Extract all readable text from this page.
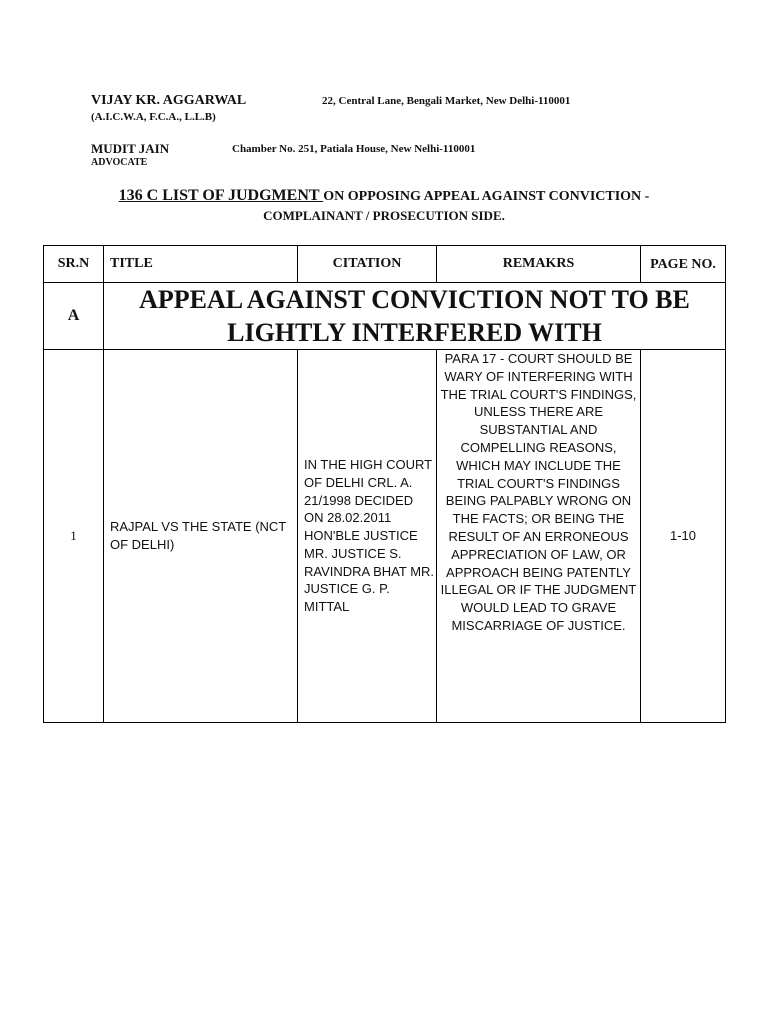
VIJAY KR. AGGARWAL
(A.I.C.W.A, F.C.A., L.L.B)
22, Central Lane, Bengali Market, New Delhi-110001
MUDIT JAIN
ADVOCATE
Chamber No. 251, Patiala House, New Nelhi-110001
136 C LIST OF JUDGMENT ON OPPOSING APPEAL AGAINST CONVICTION -
COMPLAINANT / PROSECUTION SIDE.
SR.N	TITLE	CITATION	REMAKRS	PAGE NO.
A	APPEAL AGAINST CONVICTION NOT TO BE LIGHTLY INTERFERED WITH			
1	RAJPAL VS THE STATE (NCT OF DELHI)	IN THE HIGH COURT OF DELHI CRL. A. 21/1998 DECIDED ON 28.02.2011 HON'BLE JUSTICE MR. JUSTICE S. RAVINDRA BHAT MR. JUSTICE G. P. MITTAL	PARA 17 - COURT SHOULD BE WARY OF INTERFERING WITH THE TRIAL COURT'S FINDINGS, UNLESS THERE ARE SUBSTANTIAL AND COMPELLING REASONS, WHICH MAY INCLUDE THE TRIAL COURT'S FINDINGS BEING PALPABLY WRONG ON THE FACTS; OR BEING THE RESULT OF AN ERRONEOUS APPRECIATION OF LAW, OR APPROACH BEING PATENTLY ILLEGAL OR IF THE JUDGMENT WOULD LEAD TO GRAVE MISCARRIAGE OF JUSTICE.	1-10
